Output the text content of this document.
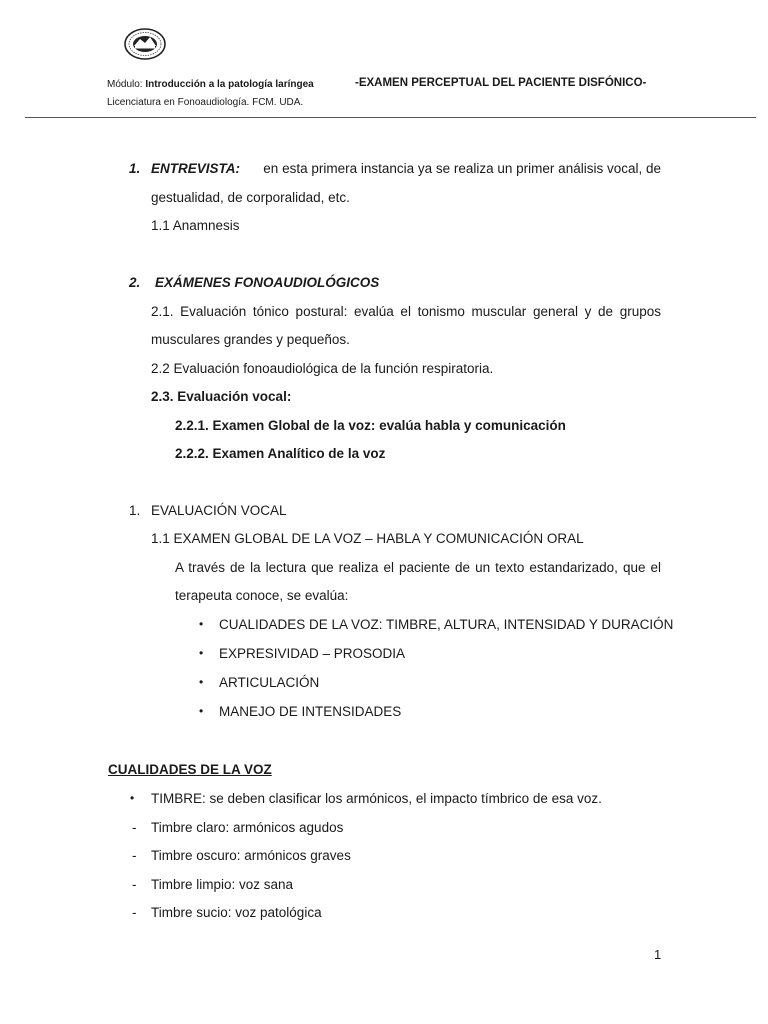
Módulo: Introducción a la patología laríngea	-EXAMEN PERCEPTUAL DEL PACIENTE DISFÓNICO-
Licenciatura en Fonoaudiología. FCM. UDA.
1. ENTREVISTA: en esta primera instancia ya se realiza un primer análisis vocal, de
gestualidad, de corporalidad, etc.
1.1 Anamnesis
2. EXÁMENES FONOAUDIOLÓGICOS
2.1. Evaluación tónico postural: evalúa el tonismo muscular general y de grupos
musculares grandes y pequeños.
2.2 Evaluación fonoaudiológica de la función respiratoria.
2.3. Evaluación vocal:
2.2.1. Examen Global de la voz: evalúa habla y comunicación
2.2.2. Examen Analítico de la voz
1. EVALUACIÓN VOCAL
1.1 EXAMEN GLOBAL DE LA VOZ – HABLA Y COMUNICACIÓN ORAL
A través de la lectura que realiza el paciente de un texto estandarizado, que el
terapeuta conoce, se evalúa:
• CUALIDADES DE LA VOZ: TIMBRE, ALTURA, INTENSIDAD Y DURACIÓN
• EXPRESIVIDAD – PROSODIA
• ARTICULACIÓN
• MANEJO DE INTENSIDADES
CUALIDADES DE LA VOZ
• TIMBRE: se deben clasificar los armónicos, el impacto tímbrico de esa voz.
- Timbre claro: armónicos agudos
- Timbre oscuro: armónicos graves
- Timbre limpio: voz sana
- Timbre sucio: voz patológica
1
